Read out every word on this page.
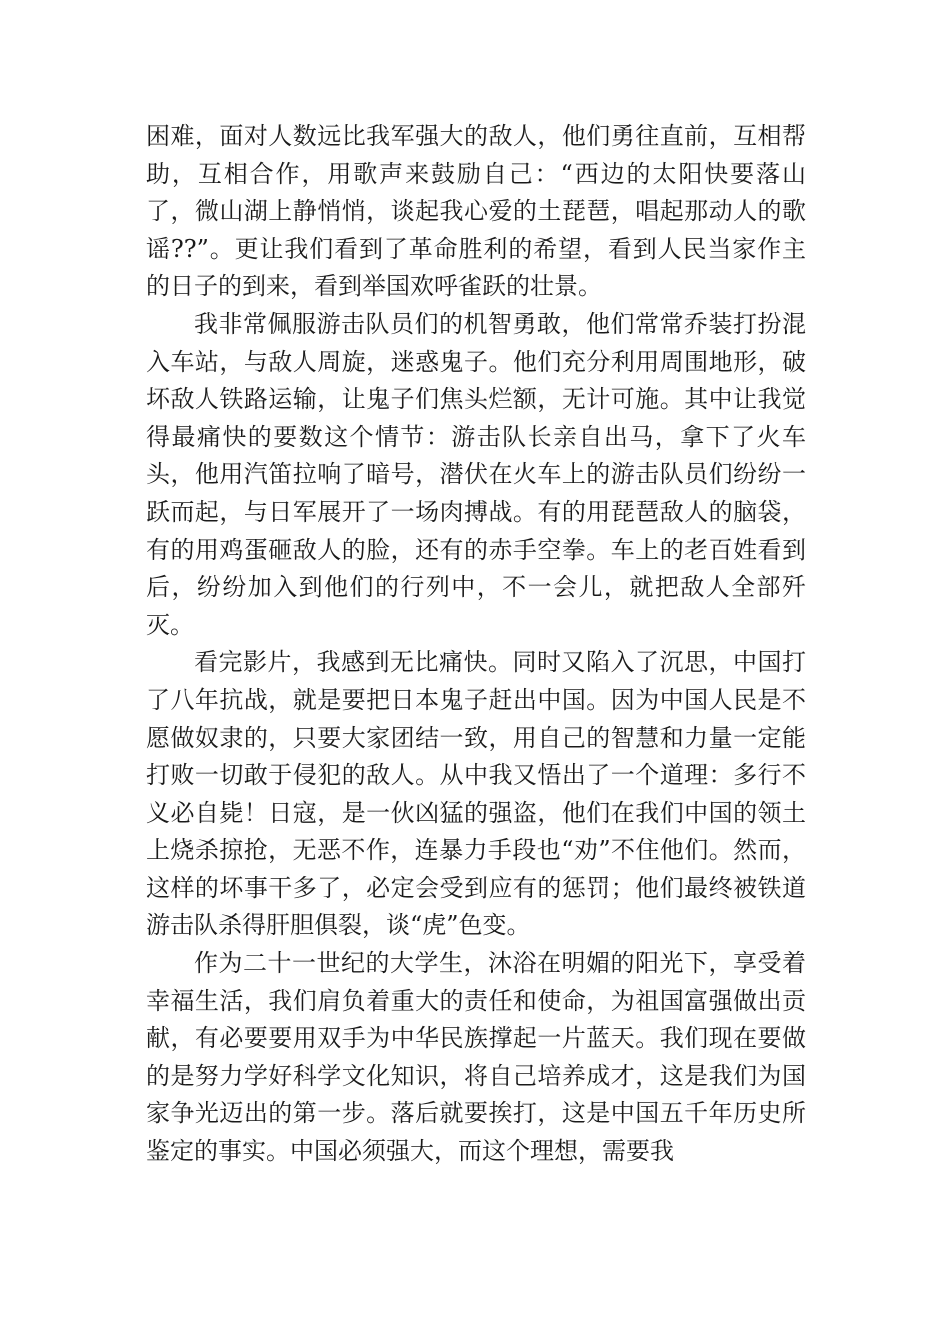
困难，面对人数远比我军强大的敌人，他们勇往直前，互相帮助，互相合作，用歌声来鼓励自己：“西边的太阳快要落山了，微山湖上静悄悄，谈起我心爱的土琵琶，唱起那动人的歌谣??”。更让我们看到了革命胜利的希望，看到人民当家作主的日子的到来，看到举国欢呼雀跃的壮景。

我非常佩服游击队员们的机智勇敢，他们常常乔装打扮混入车站，与敌人周旋，迷惑鬼子。他们充分利用周围地形，破坏敌人铁路运输，让鬼子们焦头烂额，无计可施。其中让我觉得最痛快的要数这个情节：游击队长亲自出马，拿下了火车头，他用汽笛拉响了暗号，潜伏在火车上的游击队员们纷纷一跃而起，与日军展开了一场肉搏战。有的用琵琶敌人的脑袋，有的用鸡蛋砸敌人的脸，还有的赤手空拳。车上的老百姓看到后，纷纷加入到他们的行列中，不一会儿，就把敌人全部歼灭。

看完影片，我感到无比痛快。同时又陷入了沉思，中国打了八年抗战，就是要把日本鬼子赶出中国。因为中国人民是不愿做奴隶的，只要大家团结一致，用自己的智慧和力量一定能打败一切敢于侵犯的敌人。从中我又悟出了一个道理：多行不义必自毙！日寇，是一伙凶猛的强盗，他们在我们中国的领土上烧杀掠抢，无恶不作，连暴力手段也“劝”不住他们。然而，这样的坏事干多了，必定会受到应有的惩罚；他们最终被铁道游击队杀得肝胆俱裂，谈“虎”色变。

作为二十一世纪的大学生，沐浴在明媚的阳光下，享受着幸福生活，我们肩负着重大的责任和使命，为祖国富强做出贡献，有必要要用双手为中华民族撑起一片蓝天。我们现在要做的是努力学好科学文化知识，将自己培养成才，这是我们为国家争光迈出的第一步。落后就要挨打，这是中国五千年历史所鉴定的事实。中国必须强大，而这个理想，需要我
